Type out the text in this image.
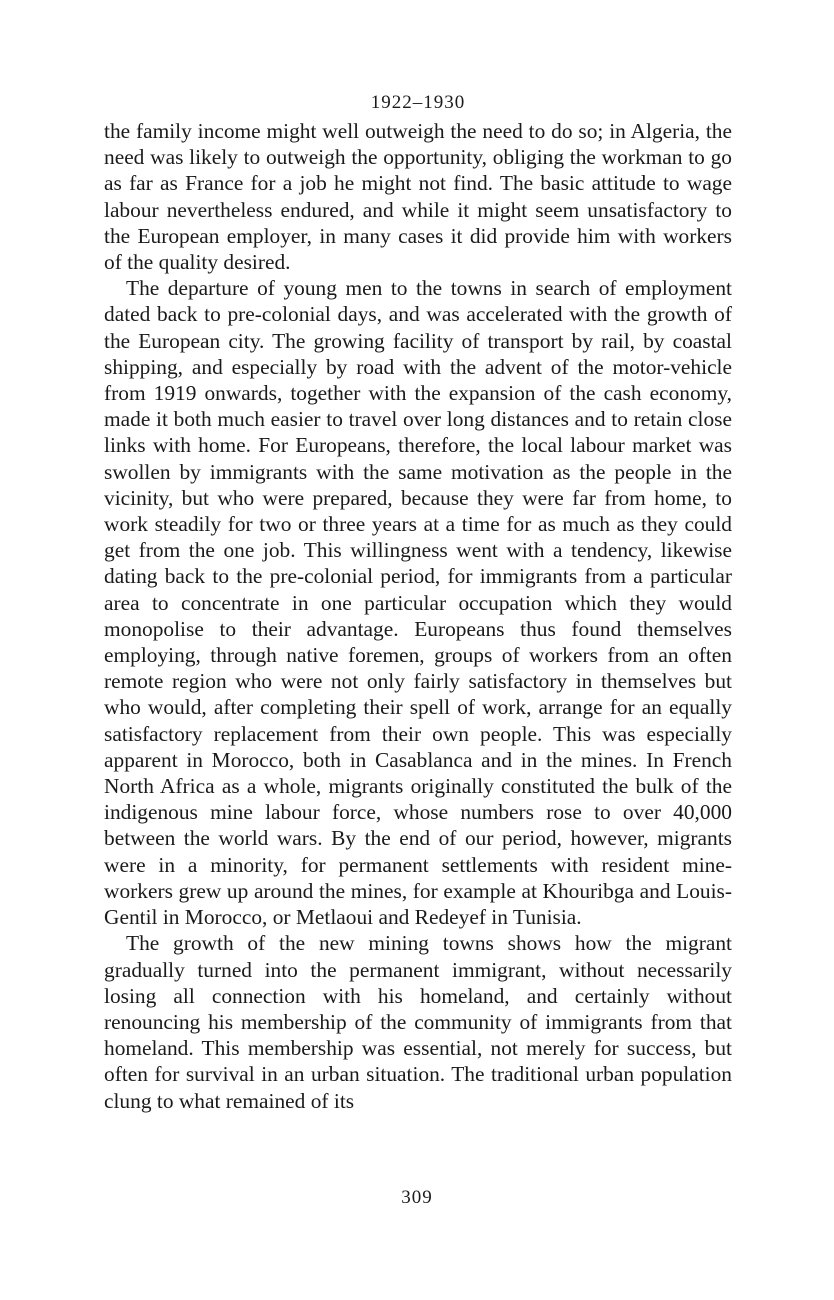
1922–1930

the family income might well outweigh the need to do so; in Algeria, the need was likely to outweigh the opportunity, obliging the workman to go as far as France for a job he might not find. The basic attitude to wage labour nevertheless endured, and while it might seem unsatisfactory to the European employer, in many cases it did provide him with workers of the quality desired.

The departure of young men to the towns in search of employment dated back to pre-colonial days, and was accelerated with the growth of the European city. The growing facility of transport by rail, by coastal shipping, and especially by road with the advent of the motor-vehicle from 1919 onwards, together with the expansion of the cash economy, made it both much easier to travel over long distances and to retain close links with home. For Europeans, therefore, the local labour market was swollen by immigrants with the same motivation as the people in the vicinity, but who were prepared, because they were far from home, to work steadily for two or three years at a time for as much as they could get from the one job. This willingness went with a tendency, likewise dating back to the pre-colonial period, for immigrants from a particular area to concentrate in one particular occupation which they would monopolise to their advantage. Europeans thus found themselves employing, through native foremen, groups of workers from an often remote region who were not only fairly satisfactory in themselves but who would, after completing their spell of work, arrange for an equally satisfactory replacement from their own people. This was especially apparent in Morocco, both in Casablanca and in the mines. In French North Africa as a whole, migrants originally constituted the bulk of the indigenous mine labour force, whose numbers rose to over 40,000 between the world wars. By the end of our period, however, migrants were in a minority, for permanent settlements with resident mine-workers grew up around the mines, for example at Khouribga and Louis-Gentil in Morocco, or Metlaoui and Redeyef in Tunisia.

The growth of the new mining towns shows how the migrant gradually turned into the permanent immigrant, without necessarily losing all connection with his homeland, and certainly without renouncing his membership of the community of immigrants from that homeland. This membership was essential, not merely for success, but often for survival in an urban situation. The traditional urban population clung to what remained of its

309
